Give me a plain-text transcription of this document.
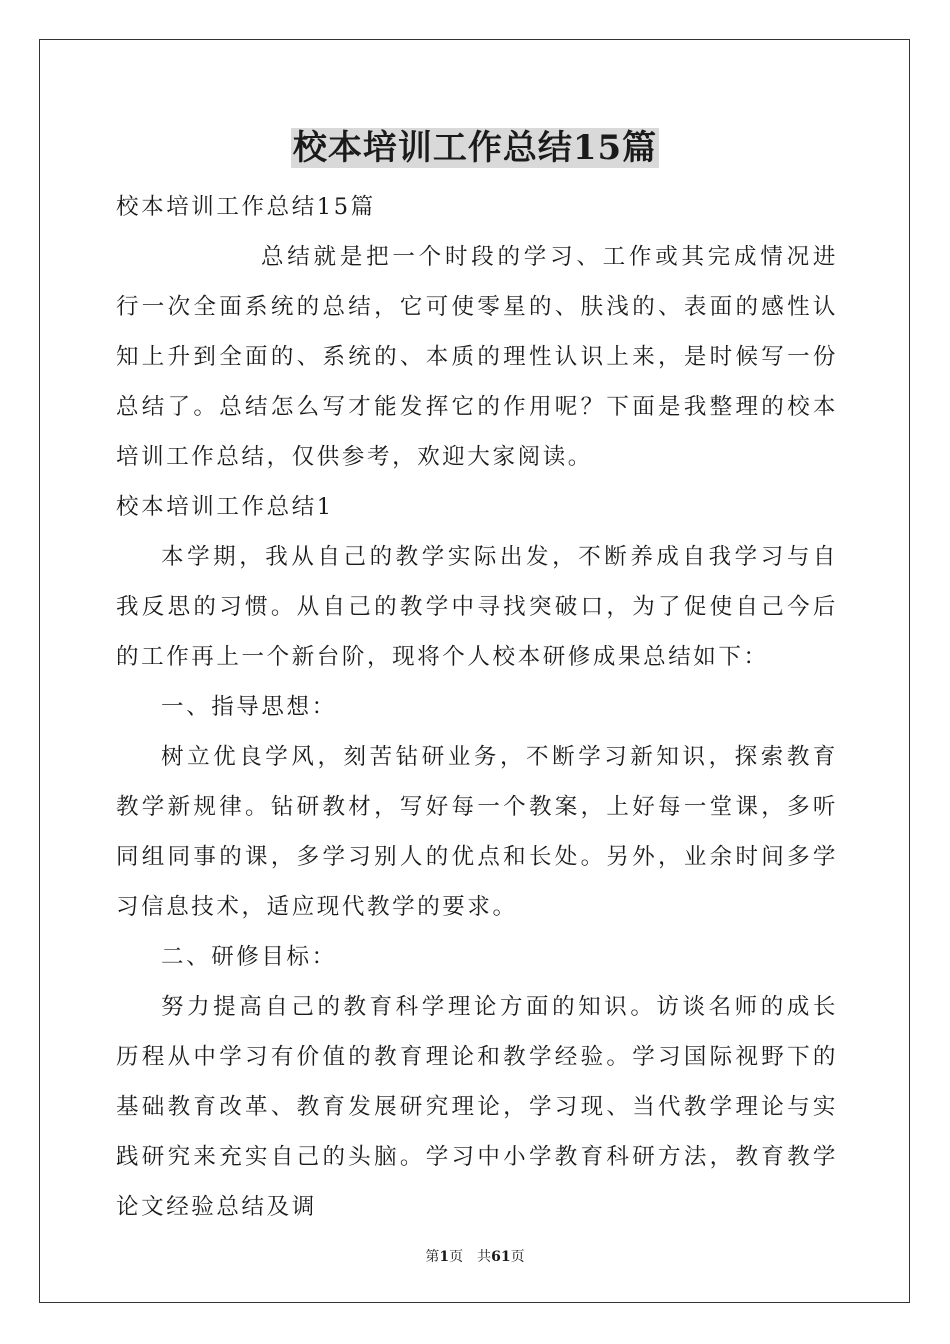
校本培训工作总结15篇

校本培训工作总结15篇

总结就是把一个时段的学习、工作或其完成情况进行一次全面系统的总结，它可使零星的、肤浅的、表面的感性认知上升到全面的、系统的、本质的理性认识上来，是时候写一份总结了。总结怎么写才能发挥它的作用呢？下面是我整理的校本培训工作总结，仅供参考，欢迎大家阅读。

校本培训工作总结1

本学期，我从自己的教学实际出发，不断养成自我学习与自我反思的习惯。从自己的教学中寻找突破口，为了促使自己今后的工作再上一个新台阶，现将个人校本研修成果总结如下：

一、指导思想：

树立优良学风，刻苦钻研业务，不断学习新知识，探索教育教学新规律。钻研教材，写好每一个教案，上好每一堂课，多听同组同事的课，多学习别人的优点和长处。另外，业余时间多学习信息技术，适应现代教学的要求。

二、研修目标：

努力提高自己的教育科学理论方面的知识。访谈名师的成长历程从中学习有价值的教育理论和教学经验。学习国际视野下的基础教育改革、教育发展研究理论，学习现、当代教学理论与实践研究来充实自己的头脑。学习中小学教育科研方法，教育教学论文经验总结及调

第1页　共61页
